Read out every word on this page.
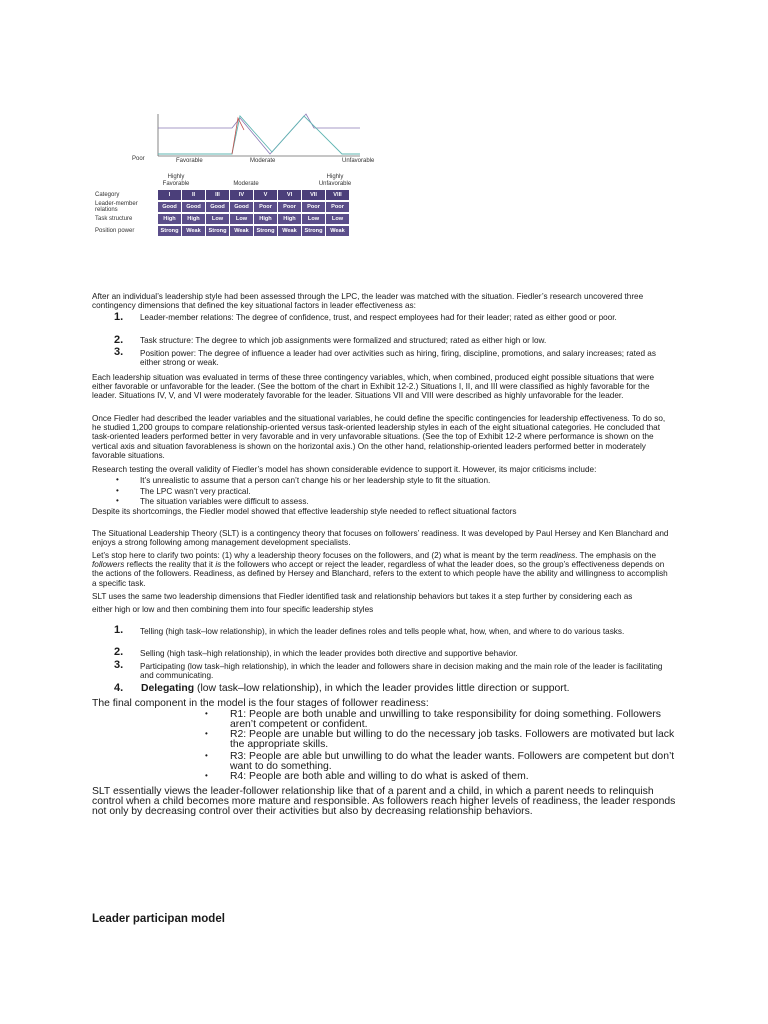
Poor	Favorable	Moderate	Unfavorable
Highly
Favorable	Moderate
Highly
Unfavorable
Category	I	II	III	IV	V	VI	VII	VIII
Leader-member relations	Good	Good	Good	Good	Poor	Poor	Poor	Poor
Task structure	High	High	Low	Low	High	High	Low	Low
Position power	Strong	Weak	Strong	Weak	Strong	Weak	Strong	Weak

After an individual’s leadership style had been assessed through the LPC, the leader was matched with the situation. Fiedler’s research uncovered three contingency dimensions that defined the key situational factors in leader effectiveness as:

1. Leader-member relations: The degree of confidence, trust, and respect employees had for their leader; rated as either good or poor.

2. Task structure: The degree to which job assignments were formalized and structured; rated as either high or low.

3. Position power: The degree of influence a leader had over activities such as hiring, firing, discipline, promotions, and salary increases; rated as either strong or weak.

Each leadership situation was evaluated in terms of these three contingency variables, which, when combined, produced eight possible situations that were either favorable or unfavorable for the leader. (See the bottom of the chart in Exhibit 12-2.) Situations I, II, and III were classified as highly favorable for the leader. Situations IV, V, and VI were moderately favorable for the leader. Situations VII and VIII were described as highly unfavorable for the leader.

Once Fiedler had described the leader variables and the situational variables, he could define the specific contingencies for leadership effectiveness. To do so, he studied 1,200 groups to compare relationship-oriented versus task-oriented leadership styles in each of the eight situational categories. He concluded that task-oriented leaders performed better in very favorable and in very unfavorable situations. (See the top of Exhibit 12-2 where performance is shown on the vertical axis and situation favorableness is shown on the horizontal axis.) On the other hand, relationship-oriented leaders performed better in moderately favorable situations.

Research testing the overall validity of Fiedler’s model has shown considerable evidence to support it. However, its major criticisms include:

•	It’s unrealistic to assume that a person can’t change his or her leadership style to fit the situation.

•	The LPC wasn’t very practical.

•	The situation variables were difficult to assess.

Despite its shortcomings, the Fiedler model showed that effective leadership style needed to reflect situational factors

The Situational Leadership Theory (SLT) is a contingency theory that focuses on followers’ readiness. It was developed by Paul Hersey and Ken Blanchard and enjoys a strong following among management development specialists.

Let’s stop here to clarify two points: (1) why a leadership theory focuses on the followers, and (2) what is meant by the term readiness. The emphasis on the followers reflects the reality that it is the followers who accept or reject the leader, regardless of what the leader does, so the group’s effectiveness depends on the actions of the followers. Readiness, as defined by Hersey and Blanchard, refers to the extent to which people have the ability and willingness to accomplish a specific task.

SLT uses the same two leadership dimensions that Fiedler identified task and relationship behaviors but takes it a step further by considering each as either high or low and then combining them into four specific leadership styles

1. Telling (high task–low relationship), in which the leader defines roles and tells people what, how, when, and where to do various tasks.

2. Selling (high task–high relationship), in which the leader provides both directive and supportive behavior.

3. Participating (low task–high relationship), in which the leader and followers share in decision making and the main role of the leader is facilitating and communicating.

4. Delegating (low task–low relationship), in which the leader provides little direction or support.

The final component in the model is the four stages of follower readiness:

• R1: People are both unable and unwilling to take responsibility for doing something. Followers aren’t competent or confident.

• R2: People are unable but willing to do the necessary job tasks. Followers are motivated but lack the appropriate skills.

• R3: People are able but unwilling to do what the leader wants. Followers are competent but don’t want to do something.

• R4: People are both able and willing to do what is asked of them.

SLT essentially views the leader-follower relationship like that of a parent and a child, in which a parent needs to relinquish control when a child becomes more mature and responsible. As followers reach higher levels of readiness, the leader responds not only by decreasing control over their activities but also by decreasing relationship behaviors.

Leader participan model
